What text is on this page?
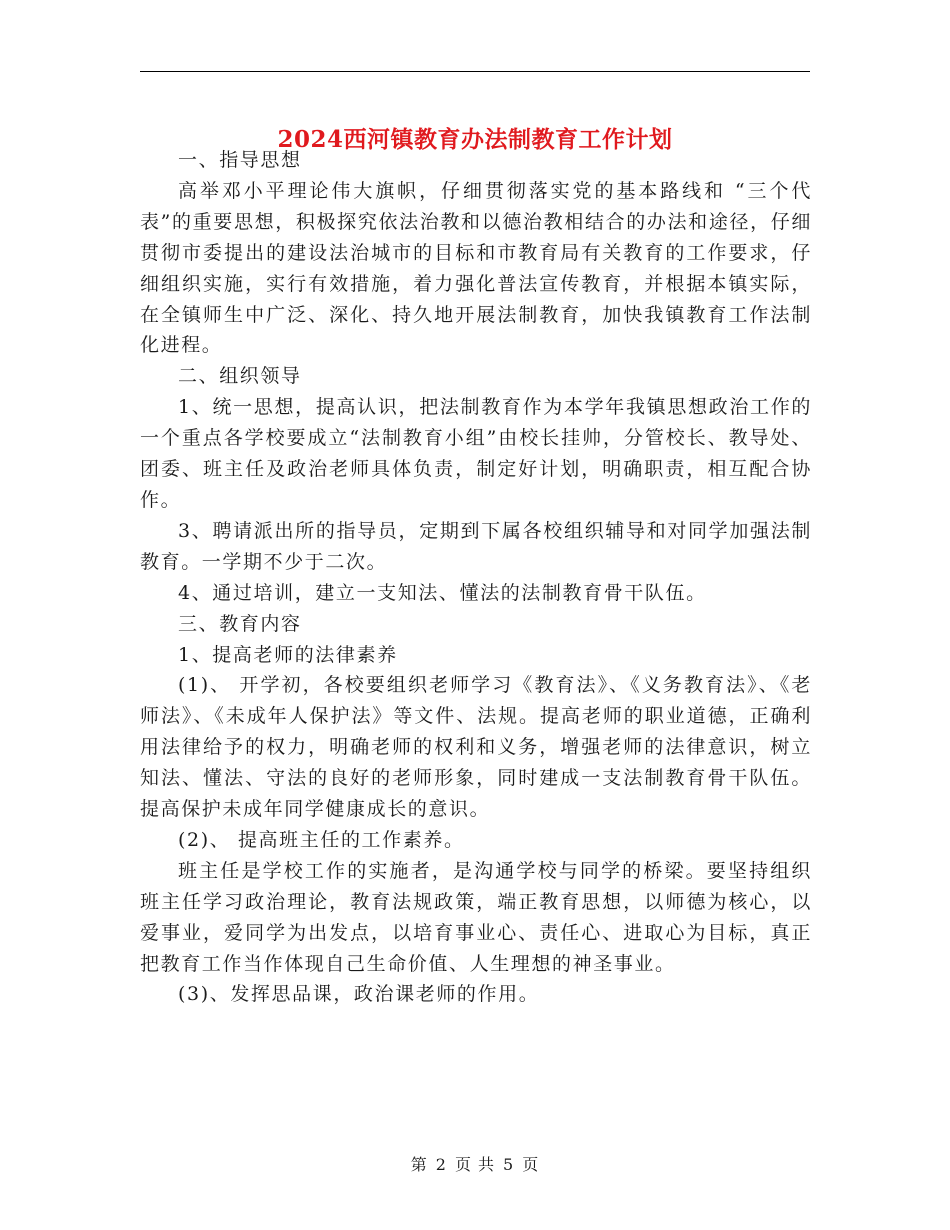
2024西河镇教育办法制教育工作计划

一、指导思想

高举邓小平理论伟大旗帜，仔细贯彻落实党的基本路线和 “三个代表”的重要思想，积极探究依法治教和以德治教相结合的办法和途径，仔细贯彻市委提出的建设法治城市的目标和市教育局有关教育的工作要求，仔细组织实施，实行有效措施，着力强化普法宣传教育，并根据本镇实际，在全镇师生中广泛、深化、持久地开展法制教育，加快我镇教育工作法制化进程。

二、组织领导

1、统一思想，提高认识，把法制教育作为本学年我镇思想政治工作的一个重点各学校要成立“法制教育小组”由校长挂帅，分管校长、教导处、团委、班主任及政治老师具体负责，制定好计划，明确职责，相互配合协作。

3、聘请派出所的指导员，定期到下属各校组织辅导和对同学加强法制教育。一学期不少于二次。

4、通过培训，建立一支知法、懂法的法制教育骨干队伍。

三、教育内容

1、提高老师的法律素养

(1)、 开学初，各校要组织老师学习《教育法》、《义务教育法》、《老师法》、《未成年人保护法》等文件、法规。提高老师的职业道德，正确利用法律给予的权力，明确老师的权利和义务，增强老师的法律意识，树立知法、懂法、守法的良好的老师形象，同时建成一支法制教育骨干队伍。提高保护未成年同学健康成长的意识。

(2)、 提高班主任的工作素养。

班主任是学校工作的实施者，是沟通学校与同学的桥梁。要坚持组织班主任学习政治理论，教育法规政策，端正教育思想，以师德为核心，以爱事业，爱同学为出发点，以培育事业心、责任心、进取心为目标，真正把教育工作当作体现自己生命价值、人生理想的神圣事业。

(3)、发挥思品课，政治课老师的作用。

第 2 页 共 5 页
